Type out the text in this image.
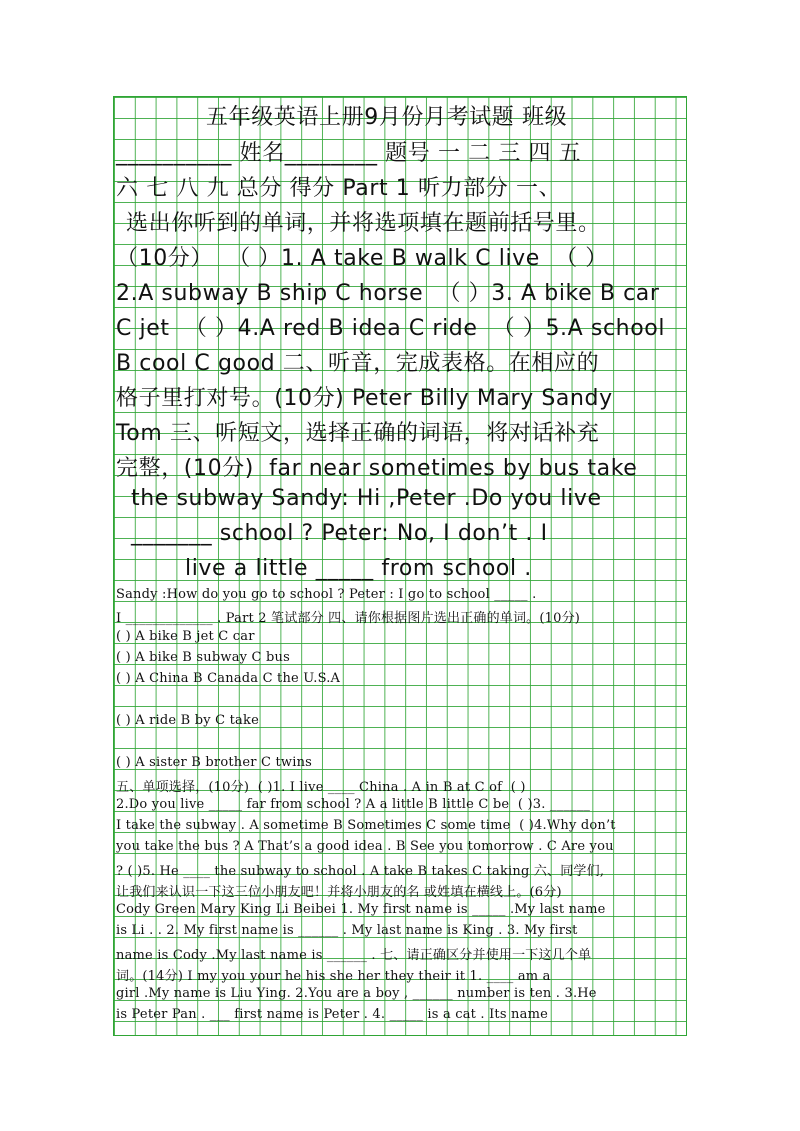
五年级英语上册9月份月考试题 班级

__________ 姓名________ 题号 一 二 三 四 五

六 七 八 九 总分 得分 Part 1 听力部分 一、

选出你听到的单词，并将选项填在题前括号里。

（10分）  （ ）1. A take B walk C live  （ ）

2.A subway B ship C horse  （ ）3. A bike B car

C jet  （ ）4.A red B idea C ride  （ ）5.A school

B cool C good 二、听音，完成表格。在相应的

格子里打对号。(10分) Peter Billy Mary Sandy

Tom 三、听短文，选择正确的词语，将对话补充

完整，(10分)  far near sometimes by bus take

the subway Sandy: Hi ,Peter .Do you live

_______ school ? Peter: No, I don’t . I

live a little _____ from school .

Sandy :How do you go to school ? Peter : I go to school _____ .

I _____________ . Part 2 笔试部分 四、请你根据图片选出正确的单词。(10分)

( ) A bike B jet C car

( ) A bike B subway C bus

( ) A China B Canada C the U.S.A

( ) A ride B by C take

( ) A sister B brother C twins

五、单项选择，(10分)  ( )1. I live ____ China . A in B at C of  ( )

2.Do you live _____ far from school ? A a little B little C be  ( )3. ______

I take the subway . A sometime B Sometimes C some time  ( )4.Why don’t

you take the bus ? A That’s a good idea . B See you tomorrow . C Are you

? ( )5. He ____ the subway to school . A take B takes C taking 六、同学们,

让我们来认识一下这三位小朋友吧！并将小朋友的名 或姓填在横线上。(6分)

Cody Green Mary King Li Beibei 1. My first name is _____ .My last name

is Li . . 2. My first name is ______ . My last name is King . 3. My first

name is Cody .My last name is ______ . 七、请正确区分并使用一下这几个单

词。(14分) I my you your he his she her they their it 1. ____ am a

girl .My name is Liu Ying. 2.You are a boy , ______ number is ten . 3.He

is Peter Pan . ___ first name is Peter . 4. _____ is a cat . Its name
